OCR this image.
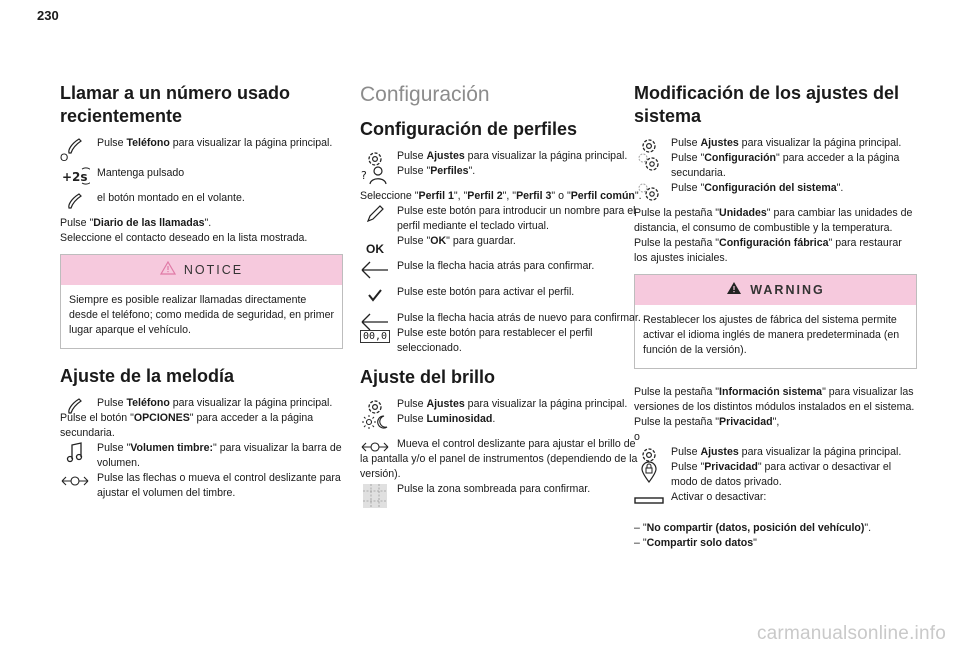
230
Llamar a un número usado recientemente

Pulse Teléfono para visualizar la página principal.

O

+2s Mantenga pulsado

el botón montado en el volante.

Pulse "Diario de las llamadas".

Seleccione el contacto deseado en la lista mostrada.

NOTICE

Siempre es posible realizar llamadas directamente desde el teléfono; como medida de seguridad, en primer lugar aparque el vehículo.

Ajuste de la melodía

Pulse Teléfono para visualizar la página principal.

Pulse el botón "OPCIONES" para acceder a la página secundaria.

Pulse "Volumen timbre:" para visualizar la barra de volumen.

Pulse las flechas o mueva el control deslizante para ajustar el volumen del timbre.

Configuración
Configuración de perfiles

Pulse Ajustes para visualizar la página principal.

?	Pulse "Perfiles".

Seleccione "Perfil 1", "Perfil 2", "Perfil 3" o "Perfil común".

Pulse este botón para introducir un nombre para el perfil mediante el teclado virtual.

OK

Pulse "OK" para guardar.

Pulse la flecha hacia atrás para confirmar.

Pulse este botón para activar el perfil.

Pulse la flecha hacia atrás de nuevo para confirmar.

00,0 Pulse este botón para restablecer el perfil seleccionado.

Ajuste del brillo

Pulse Ajustes para visualizar la página principal.

Pulse Luminosidad.

Mueva el control deslizante para ajustar el brillo de la pantalla y/o el panel de instrumentos (dependiendo de la versión).

Pulse la zona sombreada para confirmar.

Modificación de los ajustes del sistema

Pulse Ajustes para visualizar la página principal.

Pulse "Configuración" para acceder a la página secundaria.

Pulse "Configuración del sistema".

Pulse la pestaña "Unidades" para cambiar las unidades de distancia, el consumo de combustible y la temperatura.

Pulse la pestaña "Configuración fábrica" para restaurar los ajustes iniciales.

WARNING

Restablecer los ajustes de fábrica del sistema permite activar el idioma inglés de manera predeterminada (en función de la versión).

Pulse la pestaña "Información sistema" para visualizar las versiones de los distintos módulos instalados en el sistema.

Pulse la pestaña "Privacidad",

o

Pulse Ajustes para visualizar la página principal.

Pulse "Privacidad" para activar o desactivar el modo de datos privado.

Activar o desactivar:

– "No compartir (datos, posición del vehículo)".

– "Compartir solo datos"

carmanualsonline.info
